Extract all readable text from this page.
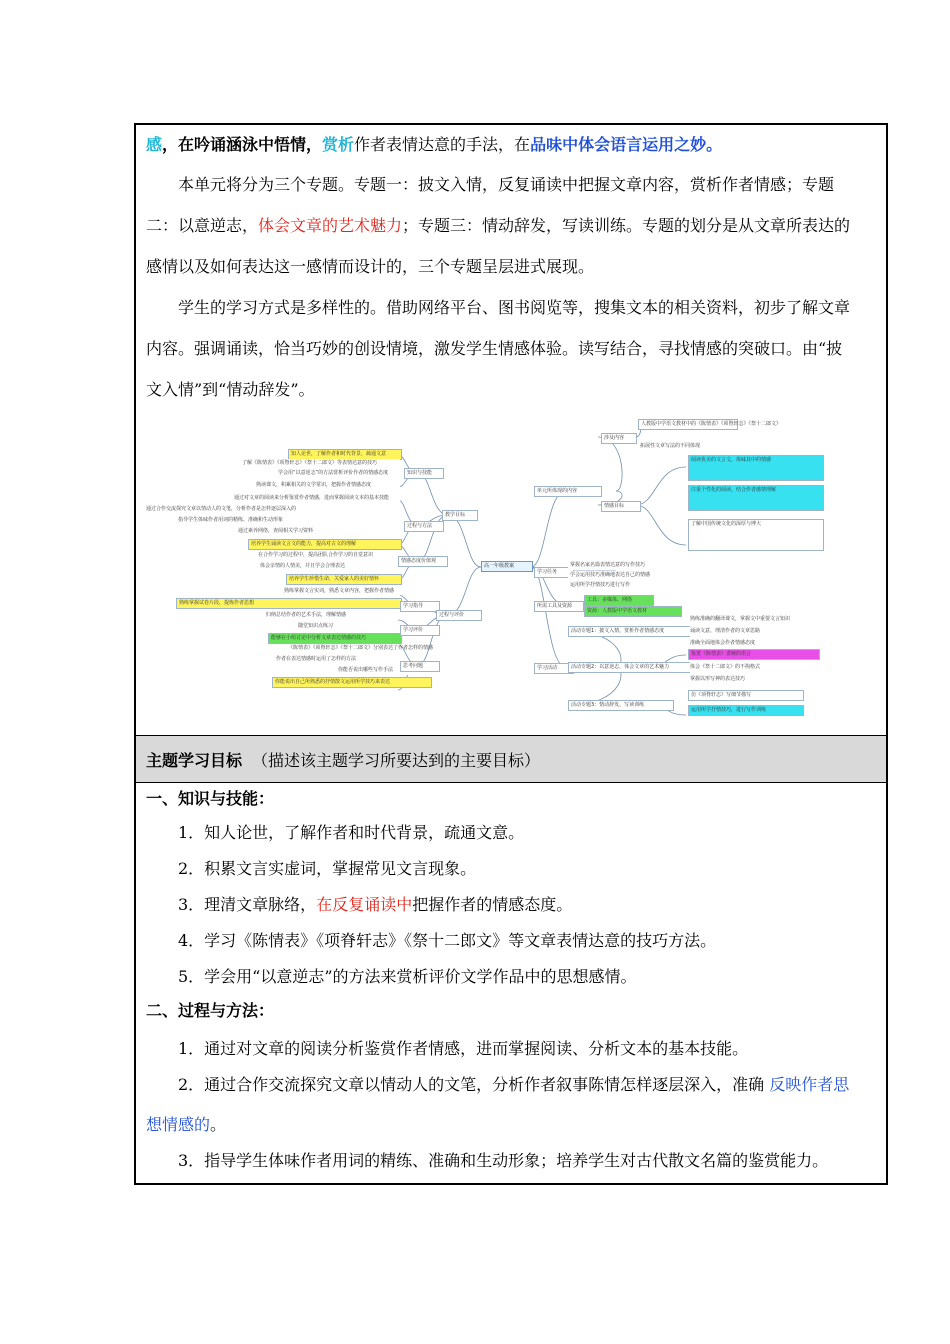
感，在吟诵涵泳中悟情，赏析作者表情达意的手法，在品味中体会语言运用之妙。
本单元将分为三个专题。专题一：披文入情，反复诵读中把握文章内容，赏析作者情感；专题
二：以意逆志，体会文章的艺术魅力；专题三：情动辞发，写读训练。专题的划分是从文章所表达的
感情以及如何表达这一感情而设计的，三个专题呈层进式展现。
学生的学习方式是多样性的。借助网络平台、图书阅览等，搜集文本的相关资料，初步了解文章
内容。强调诵读，恰当巧妙的创设情境，激发学生情感体验。读写结合，寻找情感的突破口。由“披
文入情”到“情动辞发”。
高一年级教案
知人论世，了解作者和时代背景，疏通文意
了解《陈情表》《项脊轩志》《祭十二郎文》等表情达意的技巧
学会用“以意逆志”的方法赏析评价作者的情感态度
熟读课文，积累相关的文学常识，把握作者情感态度
通过对文章的阅读来分析鉴赏作者情感，进而掌握阅读文本的基本技能
通过合作交流探究文章以情动人的文笔，分析作者是怎样逐层深入的
指导学生体味作者用词的精练、准确和生动形象
通过素养网络，查阅相关学习资料
培养学生诵读文言文的能力，提高对古文的理解
在合作学习的过程中，提高团队合作学习的自觉意识
体会亲情的人情美，并且学会合理表达
培养学生珍惜生命，关爱家人的美好情怀
熟练掌握文言实词，熟悉文章内容，把握作者情感
熟练掌握试卷片段，提炼作者思想
归纳总结作者的艺术手法，理解情感
随堂知识点练习
能够在小组讨论中分析文章表达情感的技巧
《陈情表》《项脊轩志》《祭十二郎文》分别表达了作者怎样的情感
作者在表达情感时运用了怎样的方法
你能否说出哪些写作手法
你能说出自己所熟悉的抒情散文运用所学技巧来表达
知识与技能
过程与方法
情感态度价值观
学习指导
学习评价
思考问题
教学目标
过程与评价
单元所体现的内容
学习任务
所需工具及资源
学习活动
涉及内容
人教版中学语文教材中的《陈情表》《项脊轩志》《祭十二郎文》
拓展性文章写法的不同体现
情感目标
阅读优美的文言文，体味其中的情感
注重个性化的阅读，结合作者感情理解
了解中国传统文化的深厚与博大
掌握名家名篇表情达意的写作技巧
学会运用技巧准确地表达自己的情感
运用所学抒情技巧进行写作
工具：多媒体、网络
资源：人教版中学语文教材
活动专题1：披文入情，赏析作者情感态度
熟练准确的翻译课文，掌握文中重要文言知识
诵读文意，理清作者的文章思路
准确全面地体会作者情感态度
活动专题2：以意逆志，体会文章的艺术魅力
鉴赏《陈情表》委婉的语言
体会《祭十二郎文》的不拘格式
掌握以形写神的表达技巧
活动专题3：情动辞发，写读训练
仿《项脊轩志》写细节描写
运用所学抒情技巧，进行写作训练
主题学习目标 （描述该主题学习所要达到的主要目标）
一、知识与技能：
1．知人论世，了解作者和时代背景，疏通文意。
2．积累文言实虚词，掌握常见文言现象。
3．理清文章脉络，在反复诵读中把握作者的情感态度。
4．学习《陈情表》《项脊轩志》《祭十二郎文》等文章表情达意的技巧方法。
5．学会用“以意逆志”的方法来赏析评价文学作品中的思想感情。
二、过程与方法：
1．通过对文章的阅读分析鉴赏作者情感，进而掌握阅读、分析文本的基本技能。
2．通过合作交流探究文章以情动人的文笔，分析作者叙事陈情怎样逐层深入，准确 反映作者思
想情感的。
3．指导学生体味作者用词的精练、准确和生动形象；培养学生对古代散文名篇的鉴赏能力。
